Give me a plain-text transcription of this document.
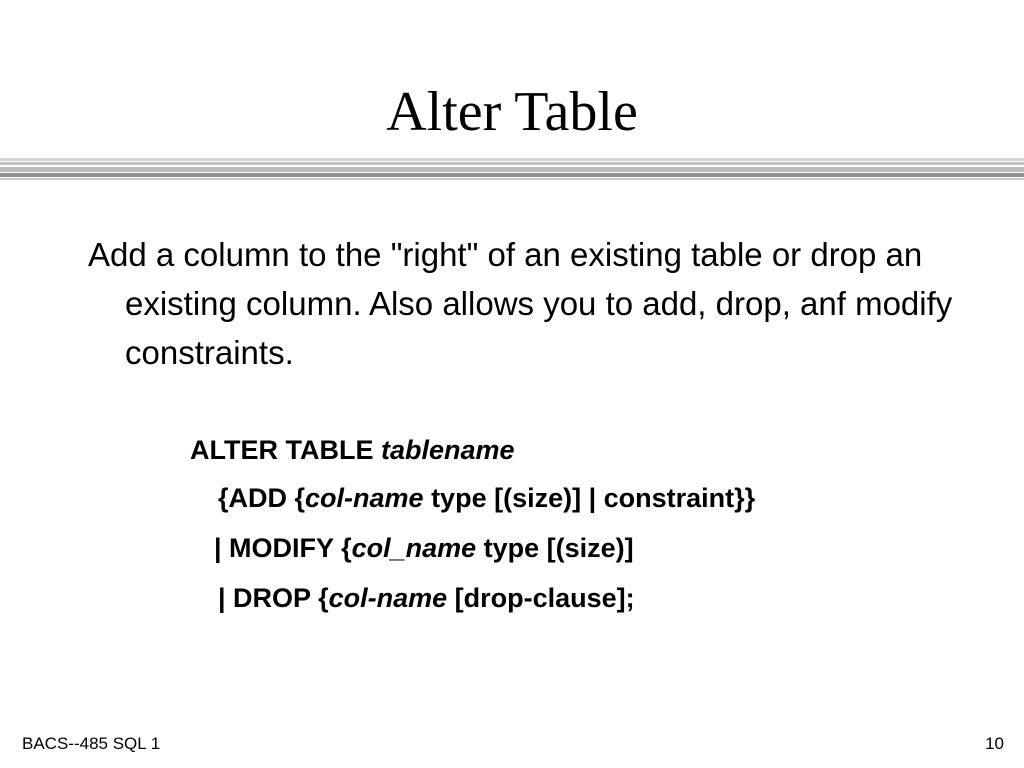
Alter Table
Add a column to the "right" of an existing table or drop an existing column. Also allows you to add, drop, anf modify constraints.
ALTER TABLE tablename
{ADD {col-name type [(size)] | constraint}}
| MODIFY {col_name type [(size)]
| DROP {col-name [drop-clause];
BACS--485 SQL 1	10
